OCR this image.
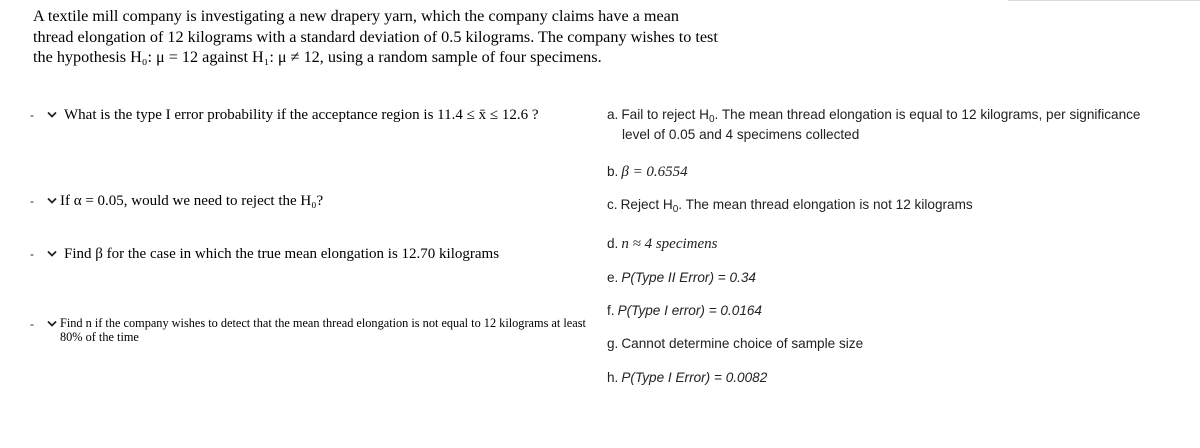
A textile mill company is investigating a new drapery yarn, which the company claims have a mean

thread elongation of 12 kilograms with a standard deviation of 0.5 kilograms. The company wishes to test

the hypothesis H₀: μ = 12 against H₁: μ ≠ 12, using a random sample of four specimens.

-	What is the type I error probability if the acceptance region is 11.4 ≤ x̄ ≤ 12.6 ?
-	If α = 0.05, would we need to reject the H₀?
-	Find β for the case in which the true mean elongation is 12.70 kilograms
-	Find n if the company wishes to detect that the mean thread elongation is not equal to 12 kilograms at least 80% of the time
a. Fail to reject $H_0$. The mean thread elongation is equal to 12 kilograms, per significance
level of 0.05 and 4 specimens collected
b. β = 0.6554
c. Reject $H_0$. The mean thread elongation is not 12 kilograms
d. n ≈ 4 specimens
e. P(Type II Error) = 0.34
f. P(Type I error) = 0.0164
g. Cannot determine choice of sample size
h. P(Type I Error) = 0.0082
